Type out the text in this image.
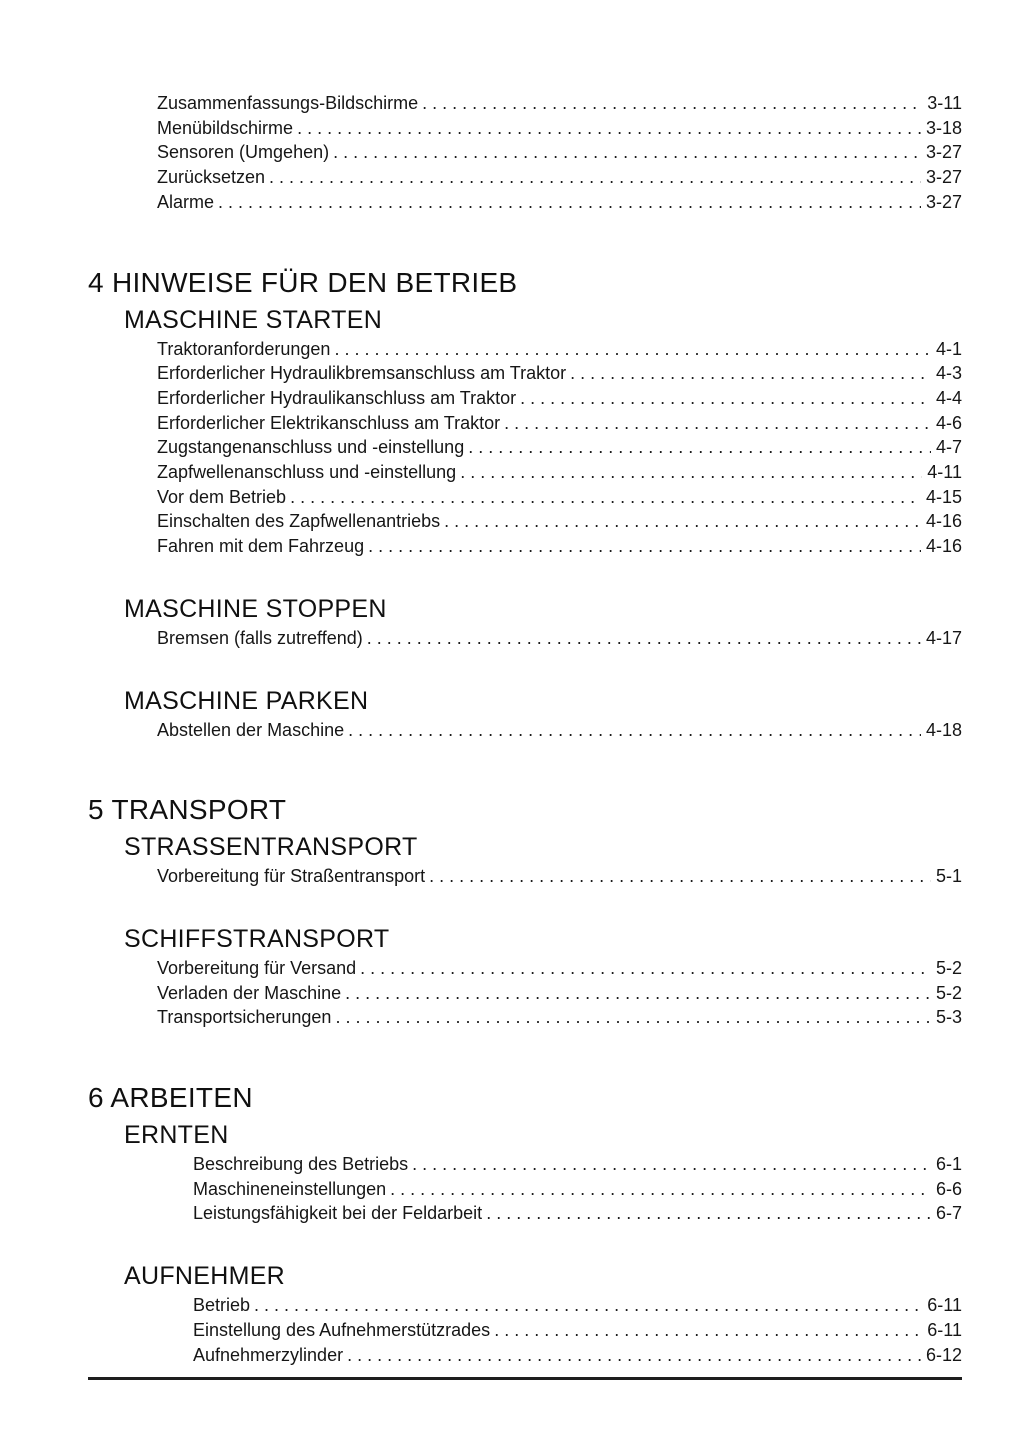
Zusammenfassungs-Bildschirme .....	3-11
Menübildschirme .....	3-18
Sensoren (Umgehen) .....	3-27
Zurücksetzen .....	3-27
Alarme .....	3-27
4 HINWEISE FÜR DEN BETRIEB
MASCHINE STARTEN
Traktoranforderungen .....	4-1
Erforderlicher Hydraulikbremsanschluss am Traktor .....	4-3
Erforderlicher Hydraulikanschluss am Traktor .....	4-4
Erforderlicher Elektrikanschluss am Traktor .....	4-6
Zugstangenanschluss und -einstellung .....	4-7
Zapfwellenanschluss und -einstellung .....	4-11
Vor dem Betrieb .....	4-15
Einschalten des Zapfwellenantriebs .....	4-16
Fahren mit dem Fahrzeug .....	4-16
MASCHINE STOPPEN
Bremsen (falls zutreffend) .....	4-17
MASCHINE PARKEN
Abstellen der Maschine .....	4-18
5 TRANSPORT
STRASSENTRANSPORT
Vorbereitung für Straßentransport .....	5-1
SCHIFFSTRANSPORT
Vorbereitung für Versand .....	5-2
Verladen der Maschine .....	5-2
Transportsicherungen .....	5-3
6 ARBEITEN
ERNTEN
Beschreibung des Betriebs .....	6-1
Maschineneinstellungen .....	6-6
Leistungsfähigkeit bei der Feldarbeit .....	6-7
AUFNEHMER
Betrieb .....	6-11
Einstellung des Aufnehmerstützrades .....	6-11
Aufnehmerzylinder .....	6-12
